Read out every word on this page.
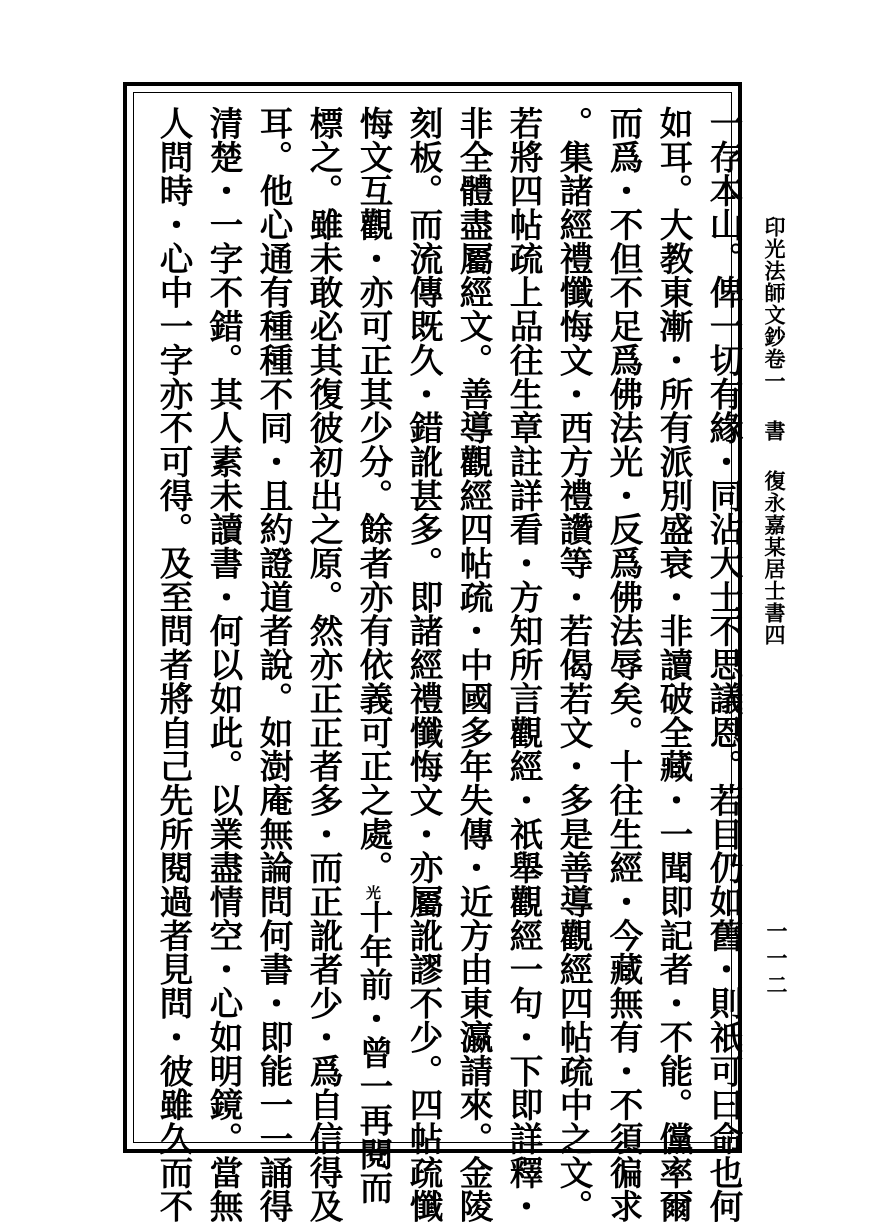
印光法師文鈔卷一書復永嘉某居士書四
一一二
一存本山。俾一切有緣・同沾大士不思議恩。若目仍如舊・則祇可曰命也何
如耳。大教東漸・所有派別盛衰・非讀破全藏・一聞即記者・不能。儻率爾
而爲・不但不足爲佛法光・反爲佛法辱矣。十往生經・今藏無有・不須徧求
。集諸經禮懺悔文・西方禮讚等・若偈若文・多是善導觀經四帖疏中之文。
若將四帖疏上品往生章註詳看・方知所言觀經・祇舉觀經一句・下即詳釋・
非全體盡屬經文。善導觀經四帖疏・中國多年失傳・近方由東瀛請來。金陵
刻板。而流傳既久・錯訛甚多。即諸經禮懺悔文・亦屬訛謬不少。四帖疏懺
悔文互觀・亦可正其少分。餘者亦有依義可正之處。光十年前・曾一再閱而
標之。雖未敢必其復彼初出之原。然亦正正者多・而正訛者少・爲自信得及
耳。他心通有種種不同・且約證道者說。如澍庵無論問何書・即能一一誦得
清楚・一字不錯。其人素未讀書・何以如此。以業盡情空・心如明鏡。當無
人問時・心中一字亦不可得。及至問者將自己先所閱過者見問・彼雖久而不
